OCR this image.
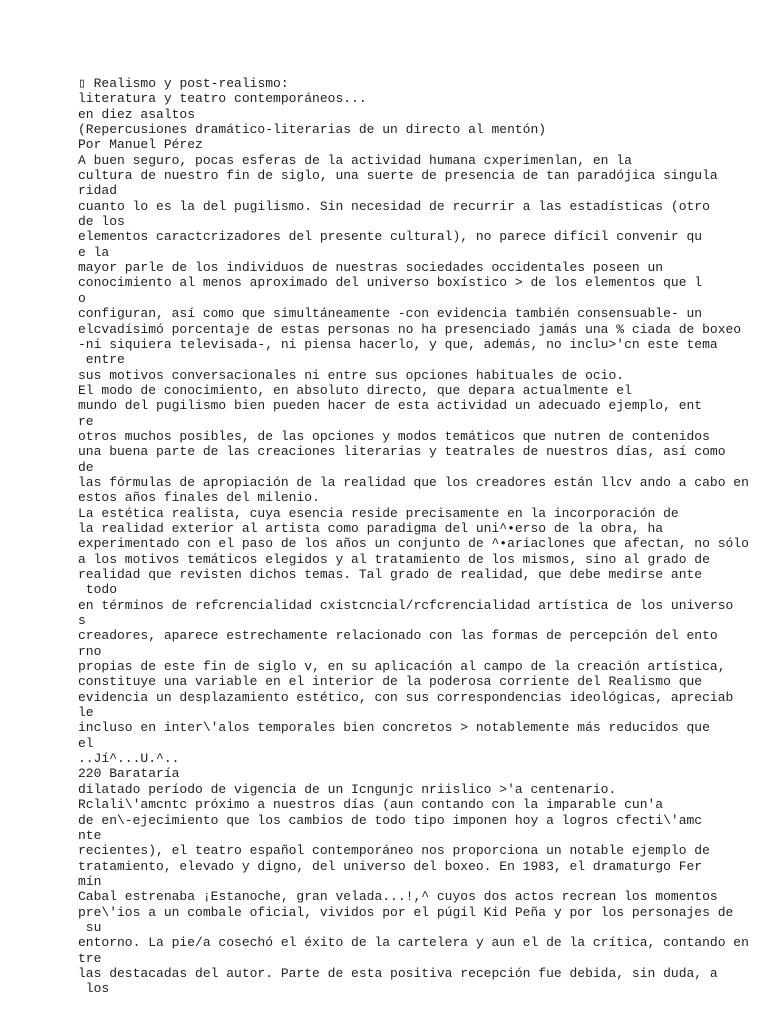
▯ Realismo y post-realismo:
literatura y teatro contemporáneos...
en diez asaltos
(Repercusiones dramático-literarias de un directo al mentón)
Por Manuel Pérez
A buen seguro, pocas esferas de la actividad humana cxperimenlan, en la
cultura de nuestro fin de siglo, una suerte de presencia de tan paradójica singula
ridad
cuanto lo es la del pugilismo. Sin necesidad de recurrir a las estadísticas (otro
de los
elementos caractcrizadores del presente cultural), no parece difícil convenir qu
e la
mayor parle de los individuos de nuestras sociedades occidentales poseen un
conocimiento al menos aproximado del universo boxístico > de los elementos que l
o
configuran, así como que simultáneamente -con evidencia también consensuable- un
elcvadísimó porcentaje de estas personas no ha presenciado jamás una % ciada de boxeo
-ni siquiera televisada-, ni piensa hacerlo, y que, además, no inclu>'cn este tema
entre
sus motivos conversacionales ni entre sus opciones habituales de ocio.
El modo de conocimiento, en absoluto directo, que depara actualmente el
mundo del pugilismo bien pueden hacer de esta actividad un adecuado ejemplo, ent
re
otros muchos posibles, de las opciones y modos temáticos que nutren de contenidos
una buena parte de las creaciones literarias y teatrales de nuestros días, así como
de
las fórmulas de apropiación de la realidad que los creadores están llcv ando a cabo en
estos años finales del milenio.
La estética realista, cuya esencia reside precisamente en la incorporación de
la realidad exterior al artista como paradigma del uni^•erso de la obra, ha
experimentado con el paso de los años un conjunto de ^•ariaclones que afectan, no sólo
a los motivos temáticos elegidos y al tratamiento de los mismos, sino al grado de
realidad que revisten dichos temas. Tal grado de realidad, que debe medirse ante
todo
en términos de refcrencialidad cxistcncial/rcfcrencialidad artística de los universo
s
creadores, aparece estrechamente relacionado con las formas de percepción del ento
rno
propias de este fin de siglo v, en su aplicación al campo de la creación artística,
constituye una variable en el interior de la poderosa corriente del Realismo que
evidencia un desplazamiento estético, con sus correspondencias ideológicas, apreciab
le
incluso en inter\'alos temporales bien concretos > notablemente más reducidos que
el
..Jí^...U.^..
220 Barataría
dilatado período de vigencia de un Icngunjc nriislico >'a centenario.
Rclali\'amcntc próximo a nuestros días (aun contando con la imparable cun'a
de en\-ejecimiento que los cambios de todo tipo imponen hoy a logros cfecti\'amc
nte
recientes), el teatro español contemporáneo nos proporciona un notable ejemplo de
tratamiento, elevado y digno, del universo del boxeo. En 1983, el dramaturgo Fer
mín
Cabal estrenaba ¡Estanoche, gran velada...!,^ cuyos dos actos recrean los momentos
pre\'ios a un combale oficial, vividos por el púgil Kid Peña y por los personajes de
su
entorno. La pie/a cosechó el éxito de la cartelera y aun el de la crítica, contando en
tre
las destacadas del autor. Parte de esta positiva recepción fue debida, sin duda, a
los
